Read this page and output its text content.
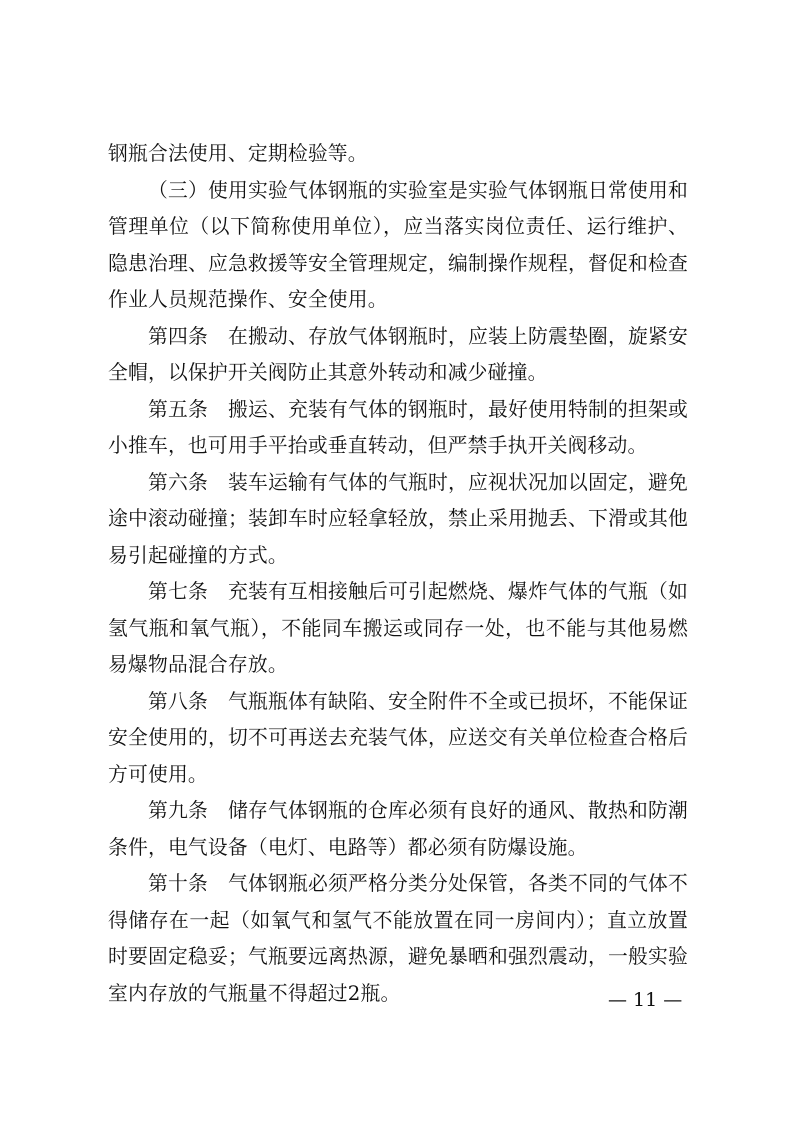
钢瓶合法使用、定期检验等。

（三）使用实验气体钢瓶的实验室是实验气体钢瓶日常使用和管理单位（以下简称使用单位），应当落实岗位责任、运行维护、隐患治理、应急救援等安全管理规定，编制操作规程，督促和检查作业人员规范操作、安全使用。

第四条 在搬动、存放气体钢瓶时，应装上防震垫圈，旋紧安全帽，以保护开关阀防止其意外转动和减少碰撞。

第五条 搬运、充装有气体的钢瓶时，最好使用特制的担架或小推车，也可用手平抬或垂直转动，但严禁手执开关阀移动。

第六条 装车运输有气体的气瓶时，应视状况加以固定，避免途中滚动碰撞；装卸车时应轻拿轻放，禁止采用抛丢、下滑或其他易引起碰撞的方式。

第七条 充装有互相接触后可引起燃烧、爆炸气体的气瓶（如氢气瓶和氧气瓶），不能同车搬运或同存一处，也不能与其他易燃易爆物品混合存放。

第八条 气瓶瓶体有缺陷、安全附件不全或已损坏，不能保证安全使用的，切不可再送去充装气体，应送交有关单位检查合格后方可使用。

第九条 储存气体钢瓶的仓库必须有良好的通风、散热和防潮条件，电气设备（电灯、电路等）都必须有防爆设施。

第十条 气体钢瓶必须严格分类分处保管，各类不同的气体不得储存在一起（如氧气和氢气不能放置在同一房间内）；直立放置时要固定稳妥；气瓶要远离热源，避免暴晒和强烈震动，一般实验室内存放的气瓶量不得超过2瓶。	— 11 —
